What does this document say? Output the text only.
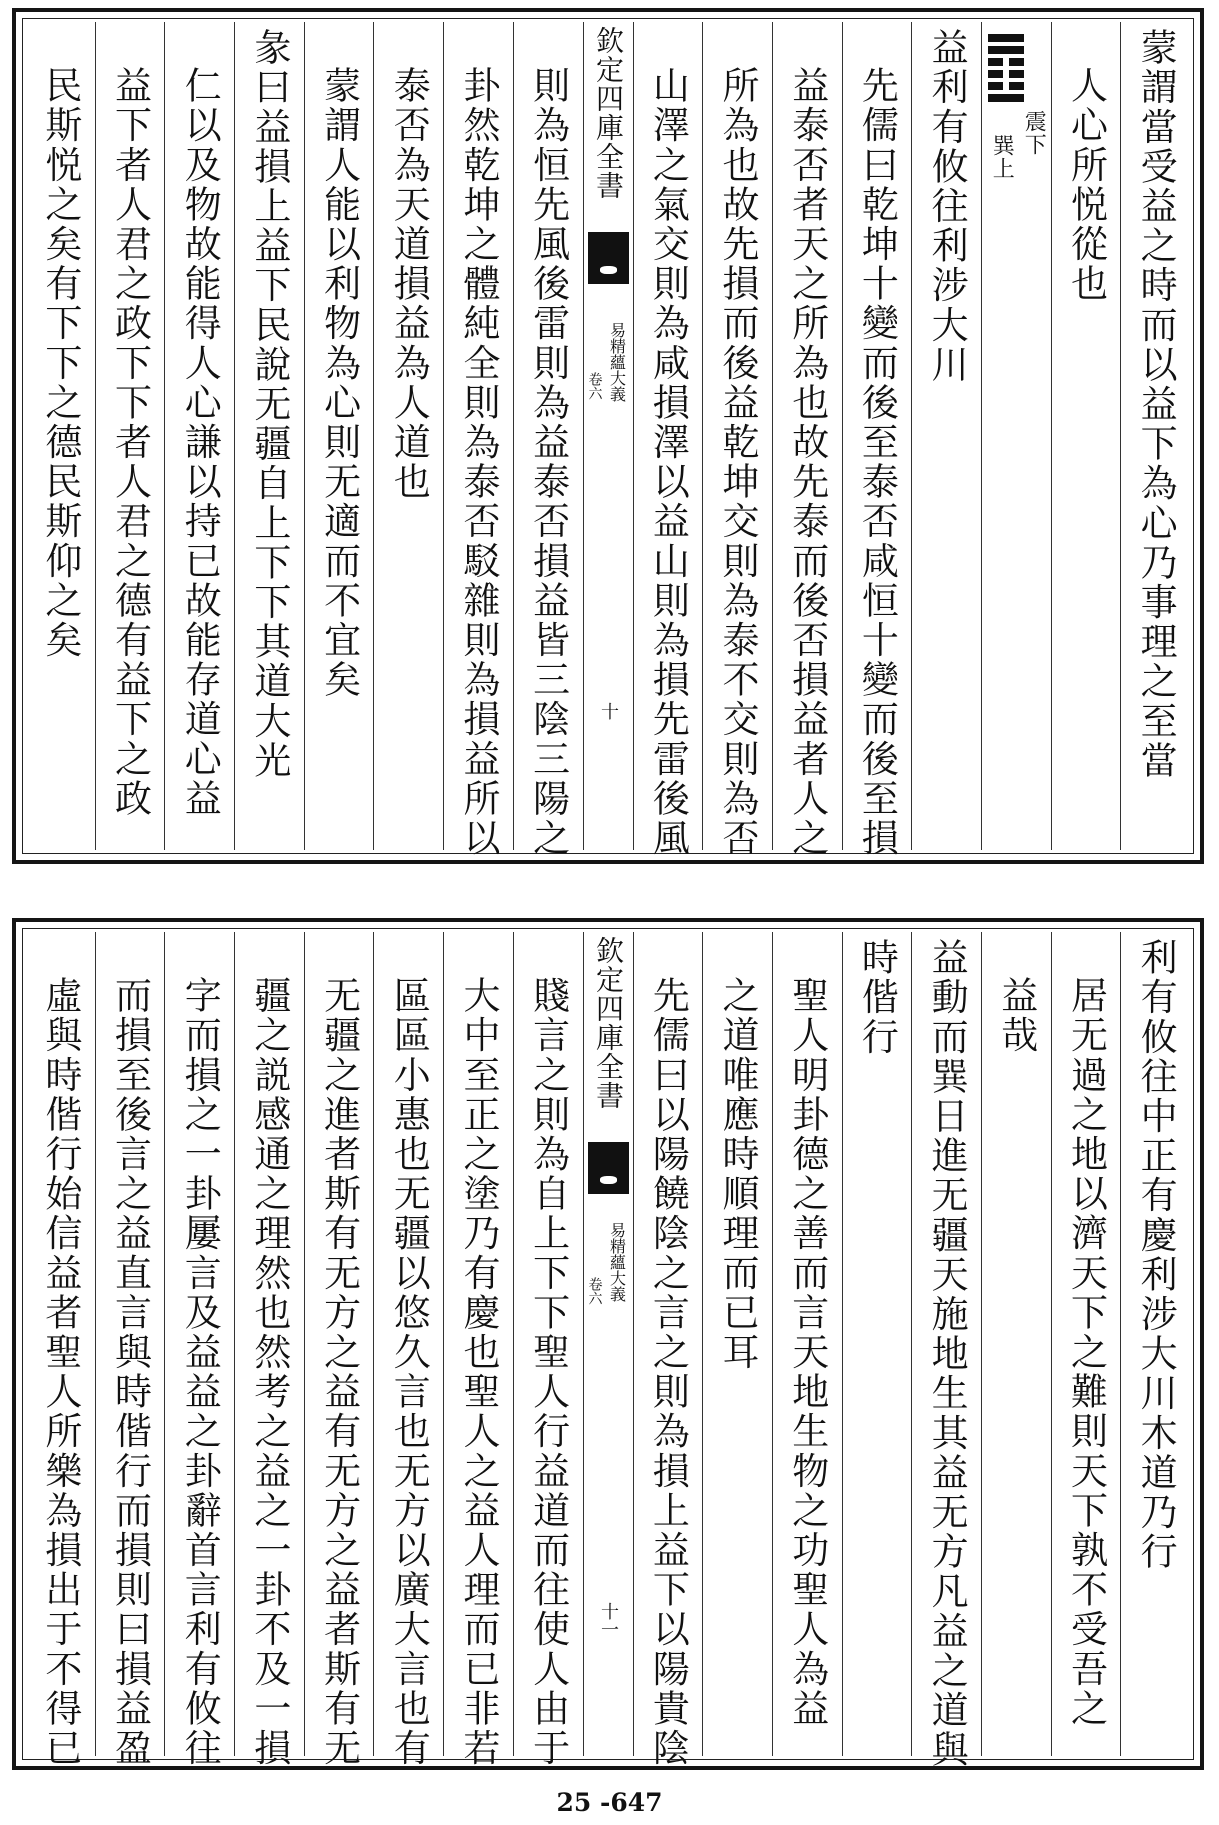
蒙謂當受益之時而以益下為心乃事理之至當
人心所悦從也
震下
巽上
益利有攸往利涉大川
先儒曰乾坤十變而後至泰否咸恒十變而後至損
益泰否者天之所為也故先泰而後否損益者人之
所為也故先損而後益乾坤交則為泰不交則為否
山澤之氣交則為咸損澤以益山則為損先雷後風
欽定四庫全書
易精蘊大義
卷六
十
則為恒先風後雷則為益泰否損益皆三陰三陽之
卦然乾坤之體純全則為泰否駁雜則為損益所以
泰否為天道損益為人道也
蒙謂人能以利物為心則无適而不宜矣
彖曰益損上益下民說无疆自上下下其道大光
仁以及物故能得人心謙以持已故能存道心益
益下者人君之政下下者人君之德有益下之政
民斯悦之矣有下下之德民斯仰之矣
利有攸往中正有慶利涉大川木道乃行
居无過之地以濟天下之難則天下孰不受吾之
益哉
益動而巽日進无疆天施地生其益无方凡益之道與
時偕行
聖人明卦德之善而言天地生物之功聖人為益
之道唯應時順理而已耳
先儒曰以陽饒陰之言之則為損上益下以陽貴陰
欽定四庫全書
易精蘊大義
卷六
十一
賤言之則為自上下下聖人行益道而往使人由于
大中至正之塗乃有慶也聖人之益人理而已非若
區區小惠也无疆以悠久言也无方以廣大言也有
无疆之進者斯有无方之益有无方之益者斯有无
疆之説感通之理然也然考之益之一卦不及一損
字而損之一卦屢言及益益之卦辭首言利有攸往
而損至後言之益直言與時偕行而損則曰損益盈
虛與時偕行始信益者聖人所樂為損出于不得已
25 -647
